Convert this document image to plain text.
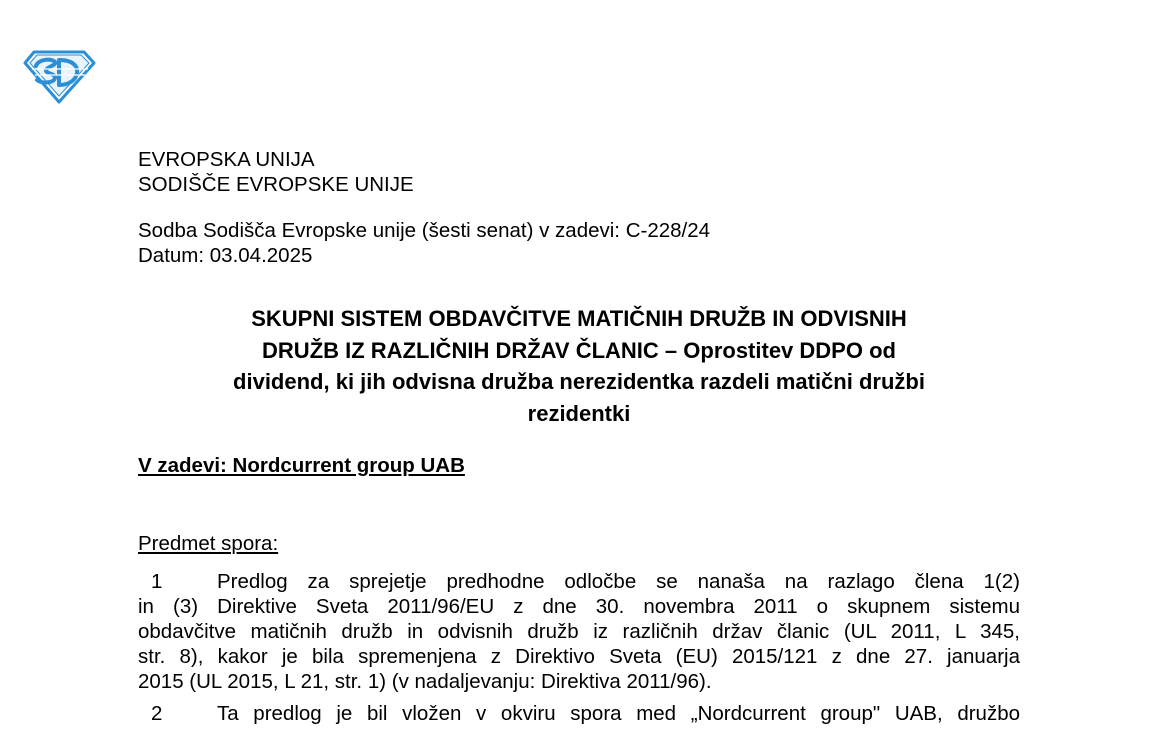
EVROPSKA UNIJA
SODIŠČE EVROPSKE UNIJE
Sodba Sodišča Evropske unije (šesti senat) v zadevi: C-228/24
Datum: 03.04.2025
SKUPNI SISTEM OBDAVČITVE MATIČNIH DRUŽB IN ODVISNIH
DRUŽB IZ RAZLIČNIH DRŽAV ČLANIC – Oprostitev DDPO od
dividend, ki jih odvisna družba nerezidentka razdeli matični družbi
rezidentki
V zadevi: Nordcurrent group UAB
Predmet spora:
1	Predlog za sprejetje predhodne odločbe se nanaša na razlago člena 1(2)
in (3) Direktive Sveta 2011/96/EU z dne 30. novembra 2011 o skupnem sistemu
obdavčitve matičnih družb in odvisnih družb iz različnih držav članic (UL 2011, L 345,
str. 8), kakor je bila spremenjena z Direktivo Sveta (EU) 2015/121 z dne 27. januarja
2015 (UL 2015, L 21, str. 1) (v nadaljevanju: Direktiva 2011/96).
2	Ta predlog je bil vložen v okviru spora med „Nordcurrent group" UAB, družbo
